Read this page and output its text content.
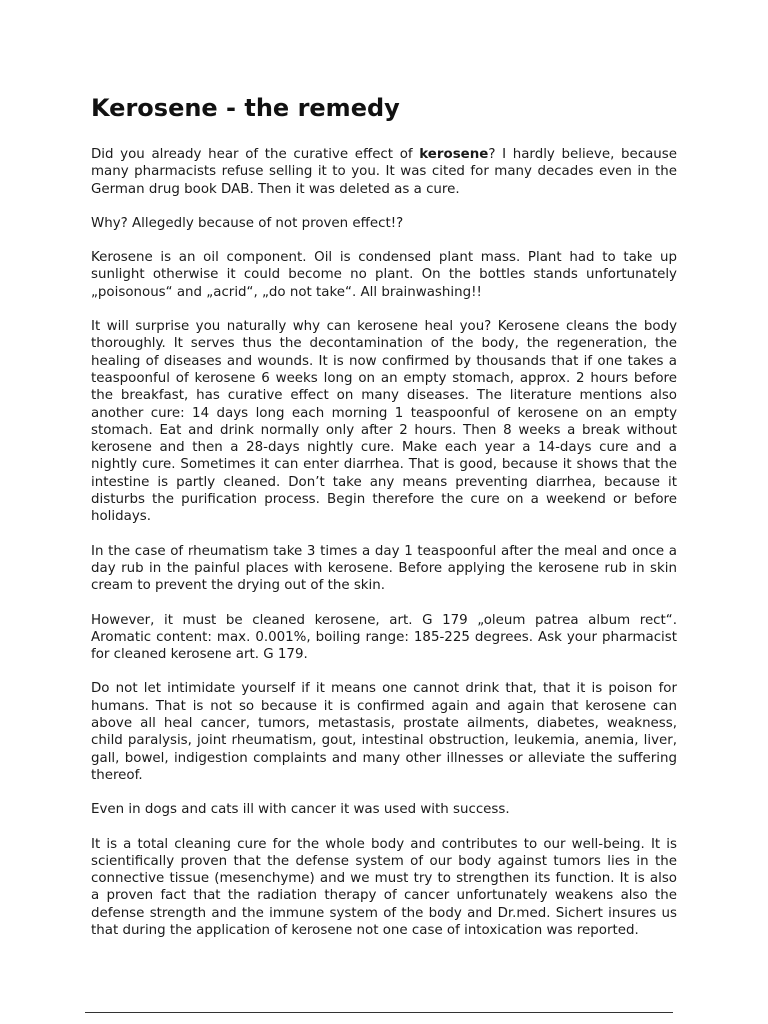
Kerosene - the remedy

Did you already hear of the curative effect of kerosene? I hardly believe, because many pharmacists refuse selling it to you. It was cited for many decades even in the German drug book DAB. Then it was deleted as a cure.

Why? Allegedly because of not proven effect!?

Kerosene is an oil component. Oil is condensed plant mass. Plant had to take up sunlight otherwise it could become no plant. On the bottles stands unfortunately „poisonous“ and „acrid“, „do not take“. All brainwashing!!

It will surprise you naturally why can kerosene heal you? Kerosene cleans the body thoroughly. It serves thus the decontamination of the body, the regeneration, the healing of diseases and wounds. It is now confirmed by thousands that if one takes a teaspoonful of kerosene 6 weeks long on an empty stomach, approx. 2 hours before the breakfast, has curative effect on many diseases. The literature mentions also another cure: 14 days long each morning 1 teaspoonful of kerosene on an empty stomach. Eat and drink normally only after 2 hours. Then 8 weeks a break without kerosene and then a 28-days nightly cure. Make each year a 14-days cure and a nightly cure. Sometimes it can enter diarrhea. That is good, because it shows that the intestine is partly cleaned. Don’t take any means preventing diarrhea, because it disturbs the purification process. Begin therefore the cure on a weekend or before holidays.

In the case of rheumatism take 3 times a day 1 teaspoonful after the meal and once a day rub in the painful places with kerosene. Before applying the kerosene rub in skin cream to prevent the drying out of the skin.

However, it must be cleaned kerosene, art. G 179 „oleum patrea album rect“. Aromatic content: max. 0.001%, boiling range: 185-225 degrees. Ask your pharmacist for cleaned kerosene art. G 179.

Do not let intimidate yourself if it means one cannot drink that, that it is poison for humans. That is not so because it is confirmed again and again that kerosene can above all heal cancer, tumors, metastasis, prostate ailments, diabetes, weakness, child paralysis, joint rheumatism, gout, intestinal obstruction, leukemia, anemia, liver, gall, bowel, indigestion complaints and many other illnesses or alleviate the suffering thereof.

Even in dogs and cats ill with cancer it was used with success.

It is a total cleaning cure for the whole body and contributes to our well-being. It is scientifically proven that the defense system of our body against tumors lies in the connective tissue (mesenchyme) and we must try to strengthen its function. It is also a proven fact that the radiation therapy of cancer unfortunately weakens also the defense strength and the immune system of the body and Dr.med. Sichert insures us that during the application of kerosene not one case of intoxication was reported.
